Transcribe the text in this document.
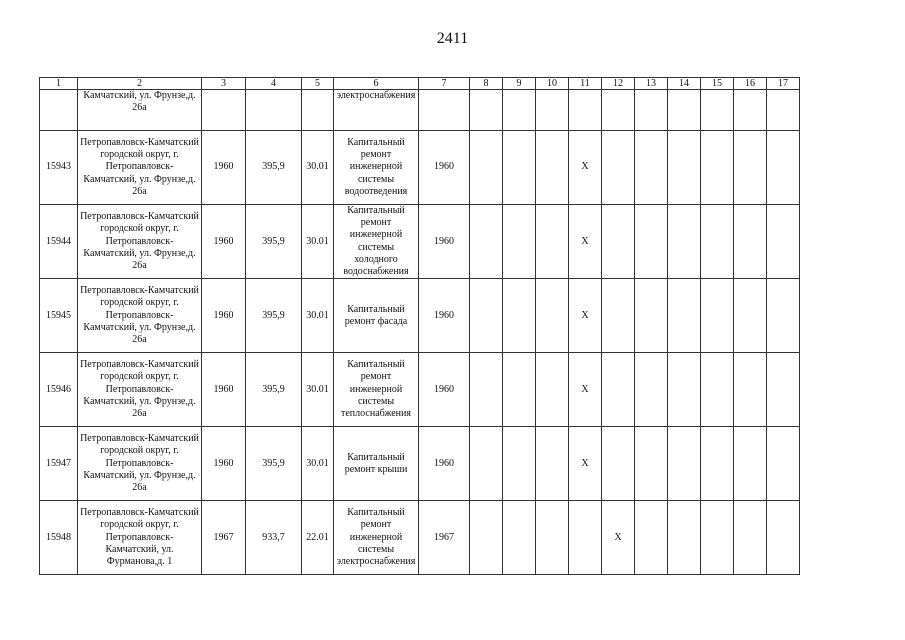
2411
1	2	3	4	5	6	7	8	9	10	11	12	13	14	15	16	17
	Камчатский, ул. Фрунзе,д. 26а				электроснабжения											
15943	Петропавловск-Камчатский городской округ, г. Петропавловск-Камчатский, ул. Фрунзе,д. 26а	1960	395,9	30.01	Капитальный ремонт инженерной системы водоотведения	1960				Х						
15944	Петропавловск-Камчатский городской округ, г. Петропавловск-Камчатский, ул. Фрунзе,д. 26а	1960	395,9	30.01	Капитальный ремонт инженерной системы холодного водоснабжения	1960				Х						
15945	Петропавловск-Камчатский городской округ, г. Петропавловск-Камчатский, ул. Фрунзе,д. 26а	1960	395,9	30.01	Капитальный ремонт фасада	1960				Х						
15946	Петропавловск-Камчатский городской округ, г. Петропавловск-Камчатский, ул. Фрунзе,д. 26а	1960	395,9	30.01	Капитальный ремонт инженерной системы теплоснабжения	1960				Х						
15947	Петропавловск-Камчатский городской округ, г. Петропавловск-Камчатский, ул. Фрунзе,д. 26а	1960	395,9	30.01	Капитальный ремонт крыши	1960				Х						
15948	Петропавловск-Камчатский городской округ, г. Петропавловск-Камчатский, ул. Фурманова,д. 1	1967	933,7	22.01	Капитальный ремонт инженерной системы электроснабжения	1967					Х					
